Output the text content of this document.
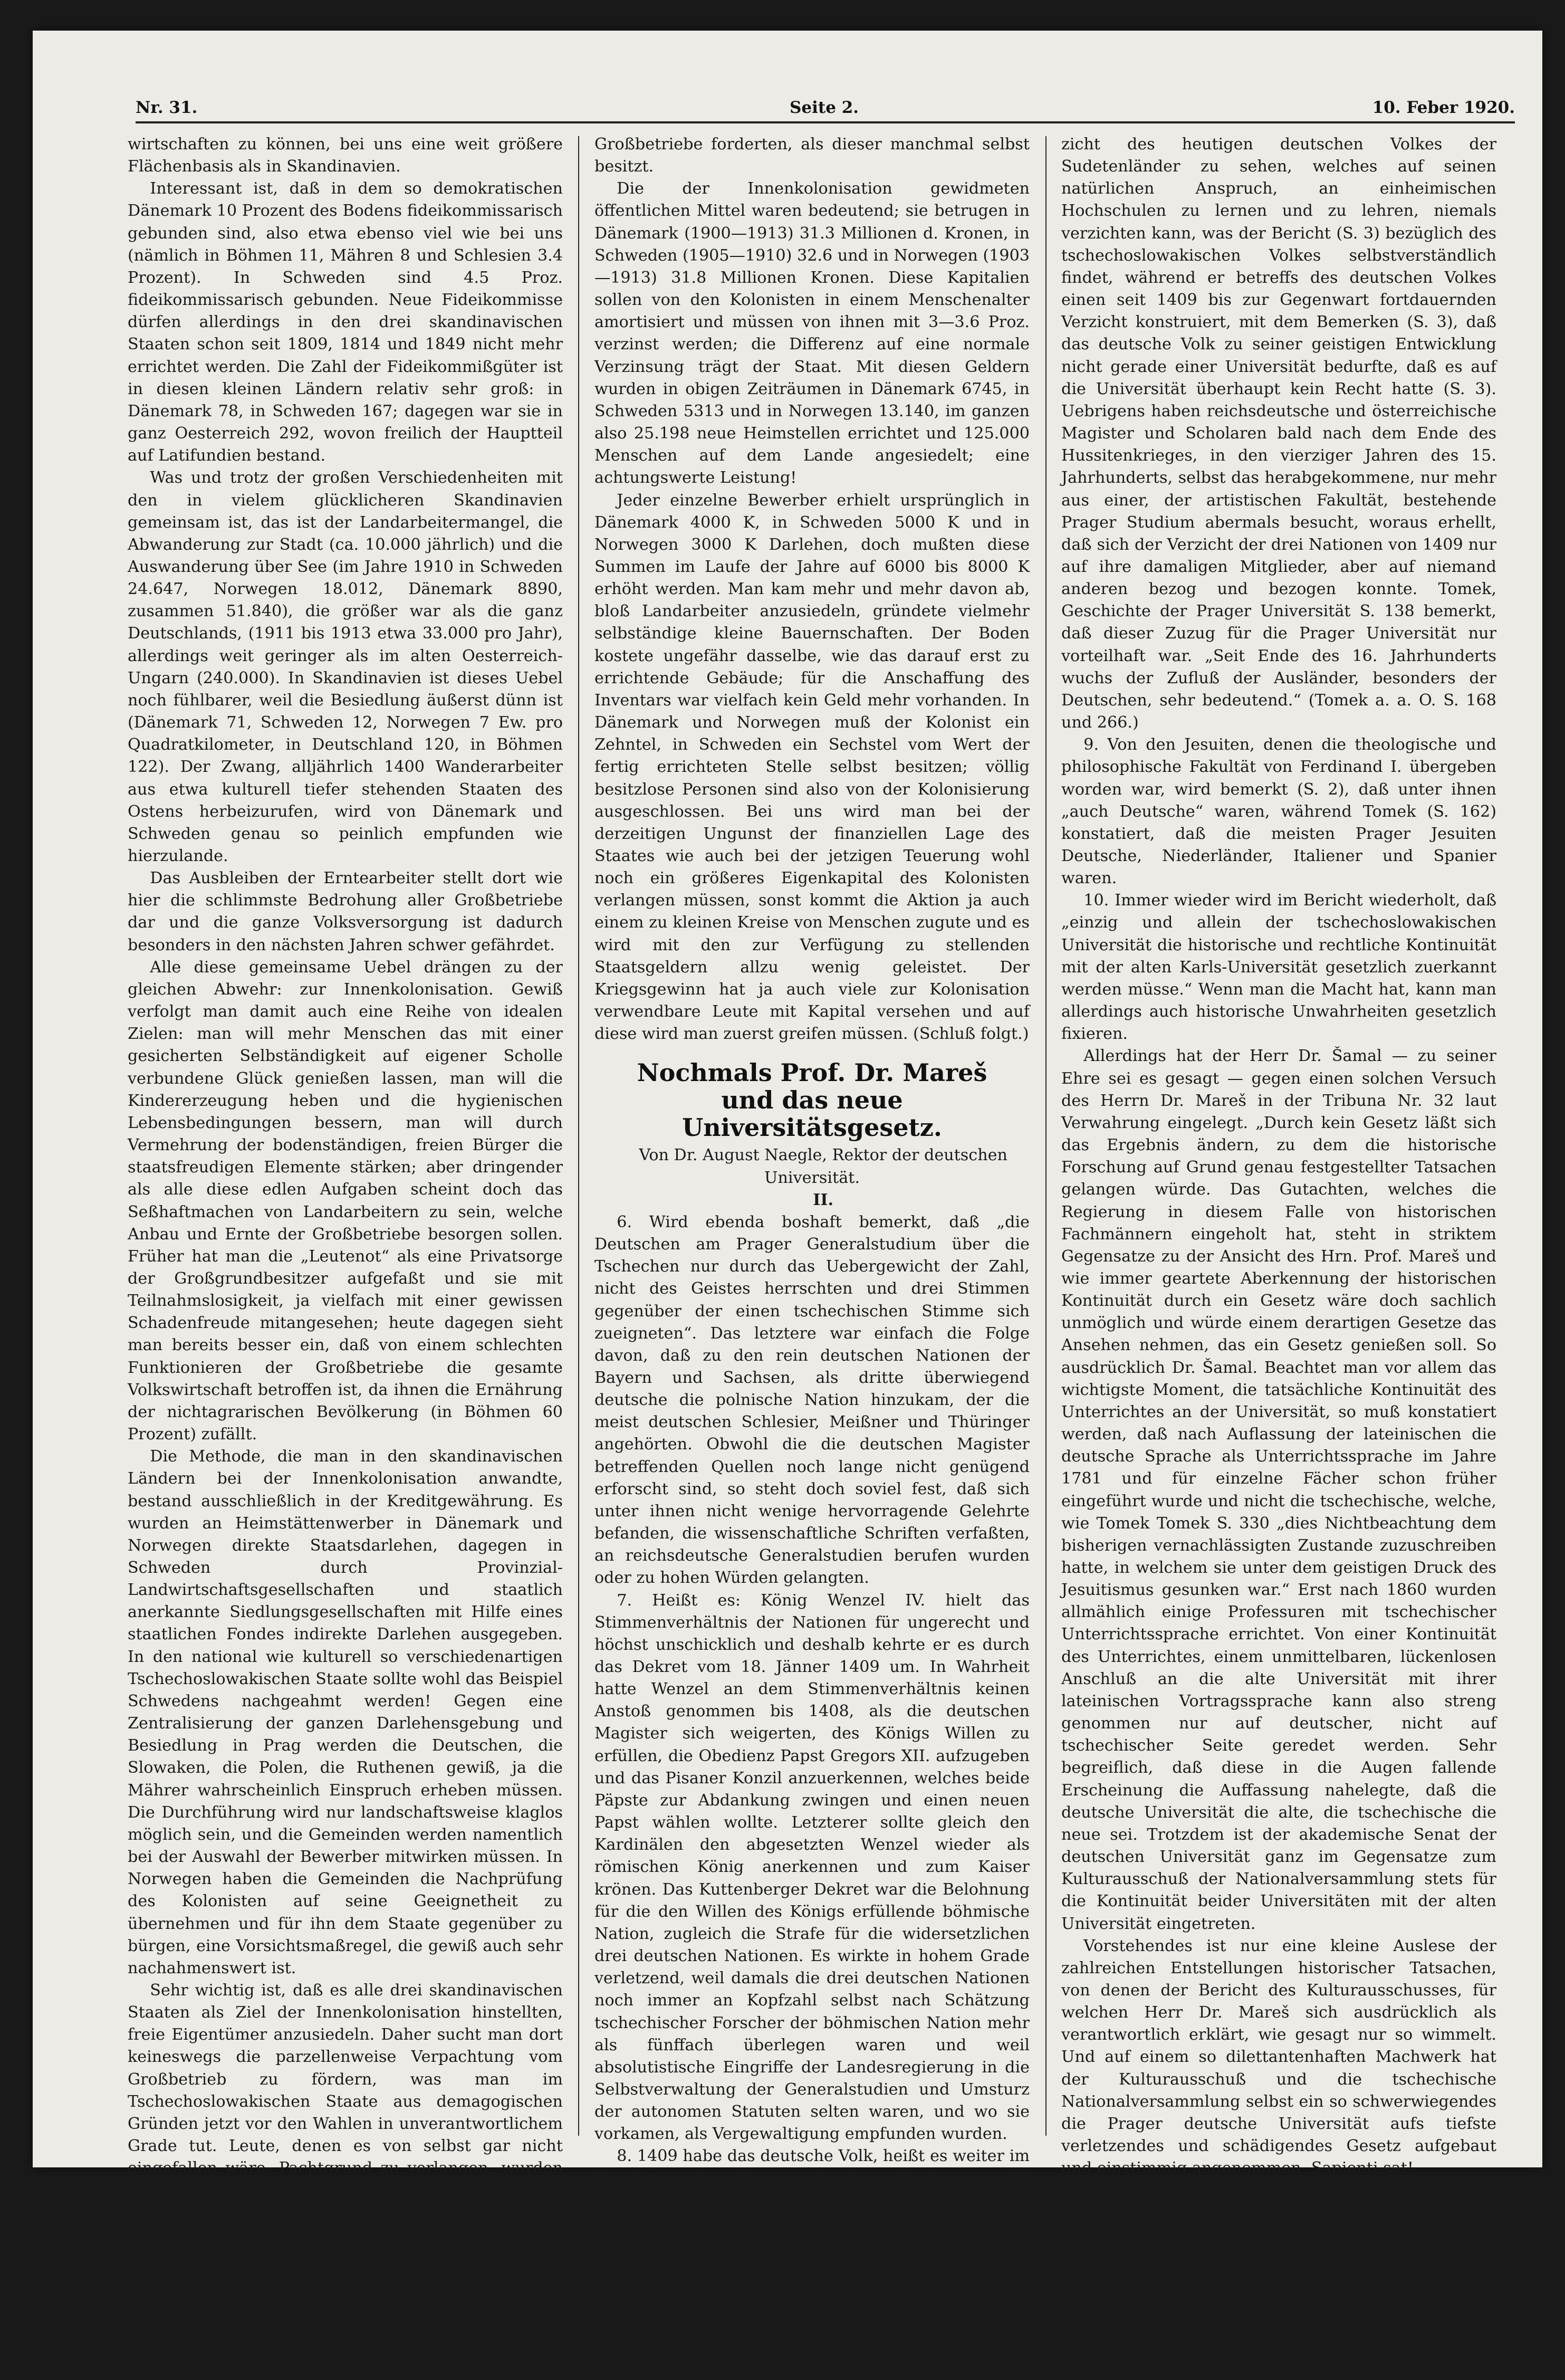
Nr. 31.	Seite 2.	10. Feber 1920.

wirtschaften zu können, bei uns eine weit größere Flächenbasis als in Skandinavien.

Interessant ist, daß in dem so demokratischen Dänemark 10 Prozent des Bodens fideikommissarisch gebunden sind, also etwa ebenso viel wie bei uns (nämlich in Böhmen 11, Mähren 8 und Schlesien 3.4 Prozent). In Schweden sind 4.5 Proz. fideikommissarisch gebunden. Neue Fideikommisse dürfen allerdings in den drei skandinavischen Staaten schon seit 1809, 1814 und 1849 nicht mehr errichtet werden. Die Zahl der Fideikommißgüter ist in diesen kleinen Ländern relativ sehr groß: in Dänemark 78, in Schweden 167; dagegen war sie in ganz Oesterreich 292, wovon freilich der Hauptteil auf Latifundien bestand.

Was und trotz der großen Verschiedenheiten mit den in vielem glücklicheren Skandinavien gemeinsam ist, das ist der Landarbeitermangel, die Abwanderung zur Stadt (ca. 10.000 jährlich) und die Auswanderung über See (im Jahre 1910 in Schweden 24.647, Norwegen 18.012, Dänemark 8890, zusammen 51.840), die größer war als die ganz Deutschlands, (1911 bis 1913 etwa 33.000 pro Jahr), allerdings weit geringer als im alten Oesterreich-Ungarn (240.000). In Skandinavien ist dieses Uebel noch fühlbarer, weil die Besiedlung äußerst dünn ist (Dänemark 71, Schweden 12, Norwegen 7 Ew. pro Quadratkilometer, in Deutschland 120, in Böhmen 122). Der Zwang, alljährlich 1400 Wanderarbeiter aus etwa kulturell tiefer stehenden Staaten des Ostens herbeizurufen, wird von Dänemark und Schweden genau so peinlich empfunden wie hierzulande.

Das Ausbleiben der Erntearbeiter stellt dort wie hier die schlimmste Bedrohung aller Großbetriebe dar und die ganze Volksversorgung ist dadurch besonders in den nächsten Jahren schwer gefährdet.

Alle diese gemeinsame Uebel drängen zu der gleichen Abwehr: zur Innenkolonisation. Gewiß verfolgt man damit auch eine Reihe von idealen Zielen: man will mehr Menschen das mit einer gesicherten Selbständigkeit auf eigener Scholle verbundene Glück genießen lassen, man will die Kindererzeugung heben und die hygienischen Lebensbedingungen bessern, man will durch Vermehrung der bodenständigen, freien Bürger die staatsfreudigen Elemente stärken; aber dringender als alle diese edlen Aufgaben scheint doch das Seßhaftmachen von Landarbeitern zu sein, welche Anbau und Ernte der Großbetriebe besorgen sollen. Früher hat man die „Leutenot“ als eine Privatsorge der Großgrundbesitzer aufgefaßt und sie mit Teilnahmslosigkeit, ja vielfach mit einer gewissen Schadenfreude mitangesehen; heute dagegen sieht man bereits besser ein, daß von einem schlechten Funktionieren der Großbetriebe die gesamte Volkswirtschaft betroffen ist, da ihnen die Ernährung der nichtagrarischen Bevölkerung (in Böhmen 60 Prozent) zufällt.

Die Methode, die man in den skandinavischen Ländern bei der Innenkolonisation anwandte, bestand ausschließlich in der Kreditgewährung. Es wurden an Heimstättenwerber in Dänemark und Norwegen direkte Staatsdarlehen, dagegen in Schweden durch Provinzial-Landwirtschaftsgesellschaften und staatlich anerkannte Siedlungsgesellschaften mit Hilfe eines staatlichen Fondes indirekte Darlehen ausgegeben. In den national wie kulturell so verschiedenartigen Tschechoslowakischen Staate sollte wohl das Beispiel Schwedens nachgeahmt werden! Gegen eine Zentralisierung der ganzen Darlehensgebung und Besiedlung in Prag werden die Deutschen, die Slowaken, die Polen, die Ruthenen gewiß, ja die Mährer wahrscheinlich Einspruch erheben müssen. Die Durchführung wird nur landschaftsweise klaglos möglich sein, und die Gemeinden werden namentlich bei der Auswahl der Bewerber mitwirken müssen. In Norwegen haben die Gemeinden die Nachprüfung des Kolonisten auf seine Geeignetheit zu übernehmen und für ihn dem Staate gegenüber zu bürgen, eine Vorsichtsmaßregel, die gewiß auch sehr nachahmenswert ist.

Sehr wichtig ist, daß es alle drei skandinavischen Staaten als Ziel der Innenkolonisation hinstellten, freie Eigentümer anzusiedeln. Daher sucht man dort keineswegs die parzellenweise Verpachtung vom Großbetrieb zu fördern, was man im Tschechoslowakischen Staate aus demagogischen Gründen jetzt vor den Wahlen in unverantwortlichem Grade tut. Leute, denen es von selbst gar nicht eingefallen wäre, Pachtgrund zu verlangen, wurden von Agitatoren derart aufgehetzt, daß sie weit mehr Boden vom

Großbetriebe forderten, als dieser manchmal selbst besitzt.

Die der Innenkolonisation gewidmeten öffentlichen Mittel waren bedeutend; sie betrugen in Dänemark (1900—1913) 31.3 Millionen d. Kronen, in Schweden (1905—1910) 32.6 und in Norwegen (1903—1913) 31.8 Millionen Kronen. Diese Kapitalien sollen von den Kolonisten in einem Menschenalter amortisiert und müssen von ihnen mit 3—3.6 Proz. verzinst werden; die Differenz auf eine normale Verzinsung trägt der Staat. Mit diesen Geldern wurden in obigen Zeiträumen in Dänemark 6745, in Schweden 5313 und in Norwegen 13.140, im ganzen also 25.198 neue Heimstellen errichtet und 125.000 Menschen auf dem Lande angesiedelt; eine achtungswerte Leistung!

Jeder einzelne Bewerber erhielt ursprünglich in Dänemark 4000 K, in Schweden 5000 K und in Norwegen 3000 K Darlehen, doch mußten diese Summen im Laufe der Jahre auf 6000 bis 8000 K erhöht werden. Man kam mehr und mehr davon ab, bloß Landarbeiter anzusiedeln, gründete vielmehr selbständige kleine Bauernschaften. Der Boden kostete ungefähr dasselbe, wie das darauf erst zu errichtende Gebäude; für die Anschaffung des Inventars war vielfach kein Geld mehr vorhanden. In Dänemark und Norwegen muß der Kolonist ein Zehntel, in Schweden ein Sechstel vom Wert der fertig errichteten Stelle selbst besitzen; völlig besitzlose Personen sind also von der Kolonisierung ausgeschlossen. Bei uns wird man bei der derzeitigen Ungunst der finanziellen Lage des Staates wie auch bei der jetzigen Teuerung wohl noch ein größeres Eigenkapital des Kolonisten verlangen müssen, sonst kommt die Aktion ja auch einem zu kleinen Kreise von Menschen zugute und es wird mit den zur Verfügung zu stellenden Staatsgeldern allzu wenig geleistet. Der Kriegsgewinn hat ja auch viele zur Kolonisation verwendbare Leute mit Kapital versehen und auf diese wird man zuerst greifen müssen. (Schluß folgt.)

Nochmals Prof. Dr. Mareš
und das neue Universitätsgesetz.

Von Dr. August Naegle, Rektor der deutschen Universität.

II.

6. Wird ebenda boshaft bemerkt, daß „die Deutschen am Prager Generalstudium über die Tschechen nur durch das Uebergewicht der Zahl, nicht des Geistes herrschten und drei Stimmen gegenüber der einen tschechischen Stimme sich zueigneten“. Das letztere war einfach die Folge davon, daß zu den rein deutschen Nationen der Bayern und Sachsen, als dritte überwiegend deutsche die polnische Nation hinzukam, der die meist deutschen Schlesier, Meißner und Thüringer angehörten. Obwohl die die deutschen Magister betreffenden Quellen noch lange nicht genügend erforscht sind, so steht doch soviel fest, daß sich unter ihnen nicht wenige hervorragende Gelehrte befanden, die wissenschaftliche Schriften verfaßten, an reichsdeutsche Generalstudien berufen wurden oder zu hohen Würden gelangten.

7. Heißt es: König Wenzel IV. hielt das Stimmenverhältnis der Nationen für ungerecht und höchst unschicklich und deshalb kehrte er es durch das Dekret vom 18. Jänner 1409 um. In Wahrheit hatte Wenzel an dem Stimmenverhältnis keinen Anstoß genommen bis 1408, als die deutschen Magister sich weigerten, des Königs Willen zu erfüllen, die Obedienz Papst Gregors XII. aufzugeben und das Pisaner Konzil anzuerkennen, welches beide Päpste zur Abdankung zwingen und einen neuen Papst wählen wollte. Letzterer sollte gleich den Kardinälen den abgesetzten Wenzel wieder als römischen König anerkennen und zum Kaiser krönen. Das Kuttenberger Dekret war die Belohnung für die den Willen des Königs erfüllende böhmische Nation, zugleich die Strafe für die widersetzlichen drei deutschen Nationen. Es wirkte in hohem Grade verletzend, weil damals die drei deutschen Nationen noch immer an Kopfzahl selbst nach Schätzung tschechischer Forscher der böhmischen Nation mehr als fünffach überlegen waren und weil absolutistische Eingriffe der Landesregierung in die Selbstverwaltung der Generalstudien und Umsturz der autonomen Statuten selten waren, und wo sie vorkamen, als Vergewaltigung empfunden wurden.

8. 1409 habe das deutsche Volk, heißt es weiter im Bericht, „freiwillig auf die Karlsuniversität verzichtet, auch später keinen Anspruch mehr auf sie gemacht, bis erst in unserer Zeit.“ Es ist ganz unstatthaft und unlogisch, in diesem Verzicht der drei auswandernden Universitätsnationen zugleich einen Ver-

zicht des heutigen deutschen Volkes der Sudetenländer zu sehen, welches auf seinen natürlichen Anspruch, an einheimischen Hochschulen zu lernen und zu lehren, niemals verzichten kann, was der Bericht (S. 3) bezüglich des tschechoslowakischen Volkes selbstverständlich findet, während er betreffs des deutschen Volkes einen seit 1409 bis zur Gegenwart fortdauernden Verzicht konstruiert, mit dem Bemerken (S. 3), daß das deutsche Volk zu seiner geistigen Entwicklung nicht gerade einer Universität bedurfte, daß es auf die Universität überhaupt kein Recht hatte (S. 3). Uebrigens haben reichsdeutsche und österreichische Magister und Scholaren bald nach dem Ende des Hussitenkrieges, in den vierziger Jahren des 15. Jahrhunderts, selbst das herabgekommene, nur mehr aus einer, der artistischen Fakultät, bestehende Prager Studium abermals besucht, woraus erhellt, daß sich der Verzicht der drei Nationen von 1409 nur auf ihre damaligen Mitglieder, aber auf niemand anderen bezog und bezogen konnte. Tomek, Geschichte der Prager Universität S. 138 bemerkt, daß dieser Zuzug für die Prager Universität nur vorteilhaft war. „Seit Ende des 16. Jahrhunderts wuchs der Zufluß der Ausländer, besonders der Deutschen, sehr bedeutend.“ (Tomek a. a. O. S. 168 und 266.)

9. Von den Jesuiten, denen die theologische und philosophische Fakultät von Ferdinand I. übergeben worden war, wird bemerkt (S. 2), daß unter ihnen „auch Deutsche“ waren, während Tomek (S. 162) konstatiert, daß die meisten Prager Jesuiten Deutsche, Niederländer, Italiener und Spanier waren.

10. Immer wieder wird im Bericht wiederholt, daß „einzig und allein der tschechoslowakischen Universität die historische und rechtliche Kontinuität mit der alten Karls-Universität gesetzlich zuerkannt werden müsse.“ Wenn man die Macht hat, kann man allerdings auch historische Unwahrheiten gesetzlich fixieren.

Allerdings hat der Herr Dr. Šamal — zu seiner Ehre sei es gesagt — gegen einen solchen Versuch des Herrn Dr. Mareš in der Tribuna Nr. 32 laut Verwahrung eingelegt. „Durch kein Gesetz läßt sich das Ergebnis ändern, zu dem die historische Forschung auf Grund genau festgestellter Tatsachen gelangen würde. Das Gutachten, welches die Regierung in diesem Falle von historischen Fachmännern eingeholt hat, steht in striktem Gegensatze zu der Ansicht des Hrn. Prof. Mareš und wie immer geartete Aberkennung der historischen Kontinuität durch ein Gesetz wäre doch sachlich unmöglich und würde einem derartigen Gesetze das Ansehen nehmen, das ein Gesetz genießen soll. So ausdrücklich Dr. Šamal. Beachtet man vor allem das wichtigste Moment, die tatsächliche Kontinuität des Unterrichtes an der Universität, so muß konstatiert werden, daß nach Auflassung der lateinischen die deutsche Sprache als Unterrichtssprache im Jahre 1781 und für einzelne Fächer schon früher eingeführt wurde und nicht die tschechische, welche, wie Tomek Tomek S. 330 „dies Nichtbeachtung dem bisherigen vernachlässigten Zustande zuzuschreiben hatte, in welchem sie unter dem geistigen Druck des Jesuitismus gesunken war.“ Erst nach 1860 wurden allmählich einige Professuren mit tschechischer Unterrichtssprache errichtet. Von einer Kontinuität des Unterrichtes, einem unmittelbaren, lückenlosen Anschluß an die alte Universität mit ihrer lateinischen Vortragssprache kann also streng genommen nur auf deutscher, nicht auf tschechischer Seite geredet werden. Sehr begreiflich, daß diese in die Augen fallende Erscheinung die Auffassung nahelegte, daß die deutsche Universität die alte, die tschechische die neue sei. Trotzdem ist der akademische Senat der deutschen Universität ganz im Gegensatze zum Kulturausschuß der Nationalversammlung stets für die Kontinuität beider Universitäten mit der alten Universität eingetreten.

Vorstehendes ist nur eine kleine Auslese der zahlreichen Entstellungen historischer Tatsachen, von denen der Bericht des Kulturausschusses, für welchen Herr Dr. Mareš sich ausdrücklich als verantwortlich erklärt, wie gesagt nur so wimmelt. Und auf einem so dilettantenhaften Machwerk hat der Kulturausschuß und die tschechische Nationalversammlung selbst ein so schwerwiegendes die Prager deutsche Universität aufs tiefste verletzendes und schädigendes Gesetz aufgebaut und einstimmig angenommen. Sapienti sat!

Basel, 9. Feber. Die vom Großen Rate angenommene Vorlage auf Einführung des Frauenstimmrechtes, die von den sozialdemokratischen Parteien befürwortet, von den rechtsstehenden Parteien jedoch mehr oder weniger bekämpft wurde, ist bei der Volksabstimmung im Kanton Basel mit 12.455 gegen 6711 Stimmen im Kanton Zürich mit 88.249 gegen 24.608 Stimmen verworfen.
